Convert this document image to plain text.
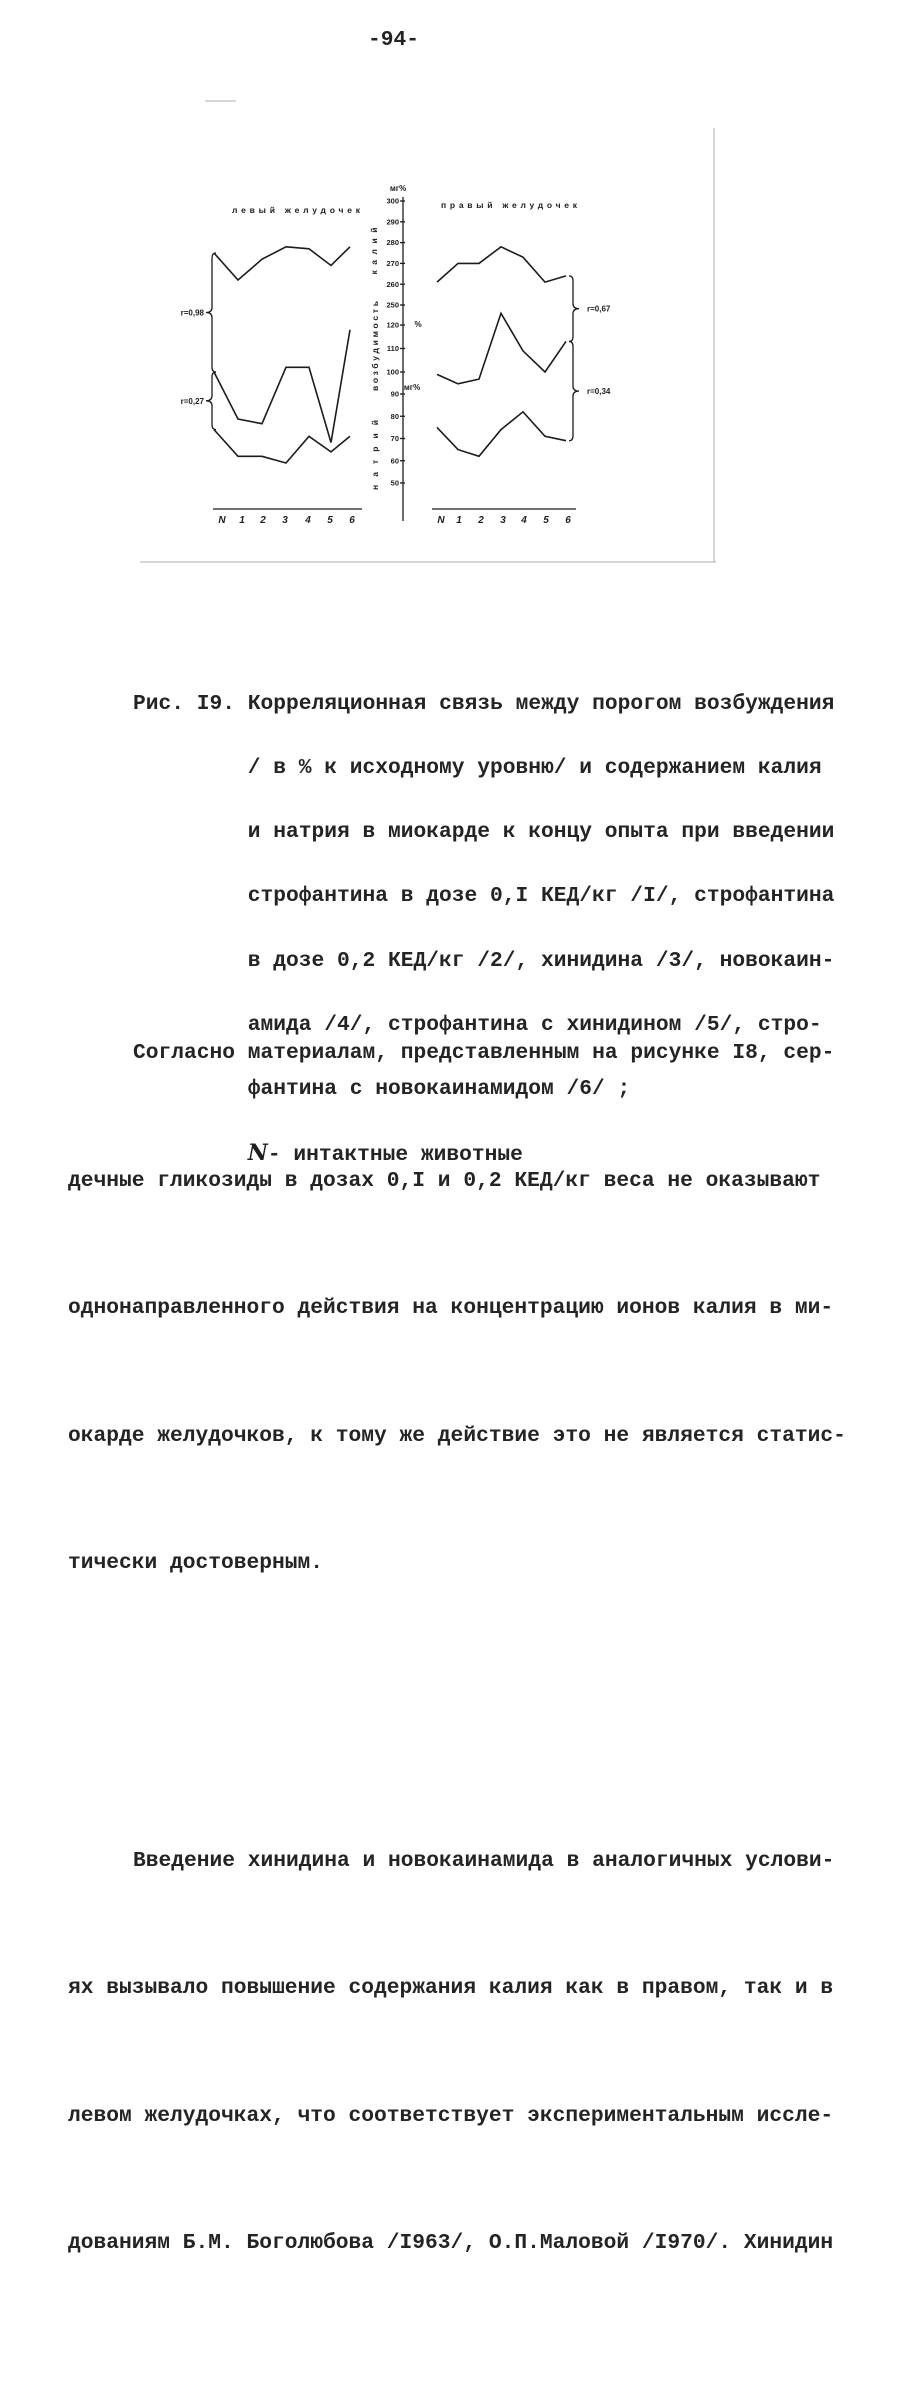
-94-
300
290
280
270
260
250
мг%
калий
120
110
100
%
возбудимость
90
80
70
60
50
мг%
натрий
левый желудочек
N 1 2 3 4 5 6
r=0,98
r=0,27
правый желудочек
N 1 2 3 4 5 6
r=0,67
r=0,34

Рис. I9. Корреляционная связь между порогом возбуждения

/ в % к исходному уровню/ и содержанием калия

и натрия в миокарде к концу опыта при введении

строфантина в дозе 0,I КЕД/кг /I/, строфантина

в дозе 0,2 КЕД/кг /2/, хинидина /3/, новокаин-

амида /4/, строфантина с хинидином /5/, стро-

фантина с новокаинамидом /6/ ;

N- интактные животные

Согласно материалам, представленным на рисунке I8, сер-

дечные гликозиды в дозах 0,I и 0,2 КЕД/кг веса не оказывают

однонаправленного действия на концентрацию ионов калия в ми-

окарде желудочков, к тому же действие это не является статис-

тически достоверным.

Введение хинидина и новокаинамида в аналогичных услови-

ях вызывало повышение содержания калия как в правом, так и в

левом желудочках, что соответствует экспериментальным иссле-

дованиям Б.М. Боголюбова /I963/, О.П.Маловой /I970/. Хинидин
